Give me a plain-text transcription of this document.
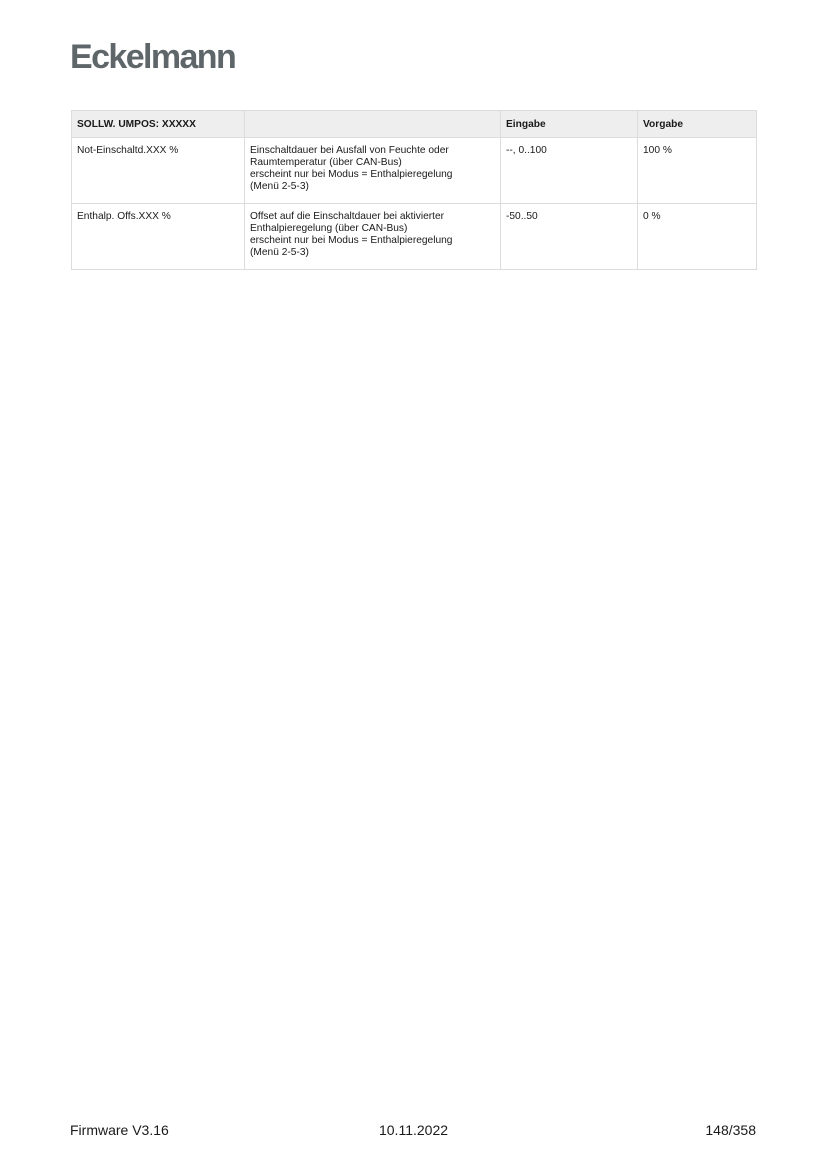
Eckelmann
SOLLW. UMPOS: XXXXX		Eingabe	Vorgabe
Not-Einschaltd.XXX %	Einschaltdauer bei Ausfall von Feuchte oder
Raumtemperatur (über CAN-Bus)
erscheint nur bei Modus = Enthalpieregelung
(Menü 2-5-3)	--, 0..100	100 %
Enthalp. Offs.XXX %	Offset auf die Einschaltdauer bei aktivierter
Enthalpieregelung (über CAN-Bus)
erscheint nur bei Modus = Enthalpieregelung
(Menü 2-5-3)	-50..50	0 %
Firmware V3.16	10.11.2022	148/358
